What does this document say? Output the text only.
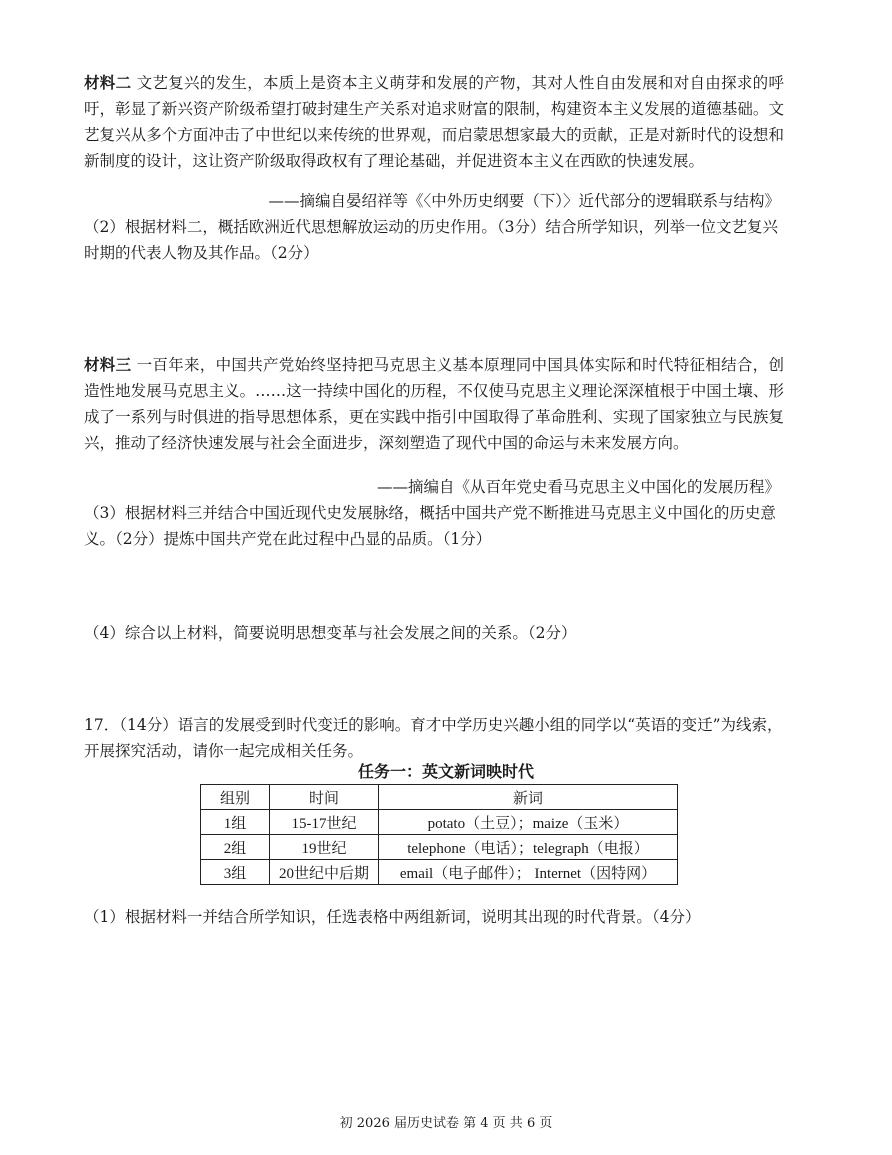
材料二 文艺复兴的发生，本质上是资本主义萌芽和发展的产物，其对人性自由发展和对自由探求的呼吁，彰显了新兴资产阶级希望打破封建生产关系对追求财富的限制，构建资本主义发展的道德基础。文艺复兴从多个方面冲击了中世纪以来传统的世界观，而启蒙思想家最大的贡献，正是对新时代的设想和新制度的设计，这让资产阶级取得政权有了理论基础，并促进资本主义在西欧的快速发展。
——摘编自晏绍祥等《〈中外历史纲要（下）〉近代部分的逻辑联系与结构》
（2）根据材料二，概括欧洲近代思想解放运动的历史作用。（3分）结合所学知识，列举一位文艺复兴时期的代表人物及其作品。（2分）
材料三 一百年来，中国共产党始终坚持把马克思主义基本原理同中国具体实际和时代特征相结合，创造性地发展马克思主义。……这一持续中国化的历程，不仅使马克思主义理论深深植根于中国土壤、形成了一系列与时俱进的指导思想体系，更在实践中指引中国取得了革命胜利、实现了国家独立与民族复兴，推动了经济快速发展与社会全面进步，深刻塑造了现代中国的命运与未来发展方向。
——摘编自《从百年党史看马克思主义中国化的发展历程》
（3）根据材料三并结合中国近现代史发展脉络，概括中国共产党不断推进马克思主义中国化的历史意义。（2分）提炼中国共产党在此过程中凸显的品质。（1分）
（4）综合以上材料，简要说明思想变革与社会发展之间的关系。（2分）
17．（14分）语言的发展受到时代变迁的影响。育才中学历史兴趣小组的同学以“英语的变迁”为线索，开展探究活动，请你一起完成相关任务。
任务一：英文新词映时代
组别	时间	新词
1组	15-17世纪	potato（土豆）；maize（玉米）
2组	19世纪	telephone（电话）；telegraph（电报）
3组	20世纪中后期	email（电子邮件）； Internet（因特网）
（1）根据材料一并结合所学知识，任选表格中两组新词，说明其出现的时代背景。（4分）
初 2026 届历史试卷 第 4 页 共 6 页
